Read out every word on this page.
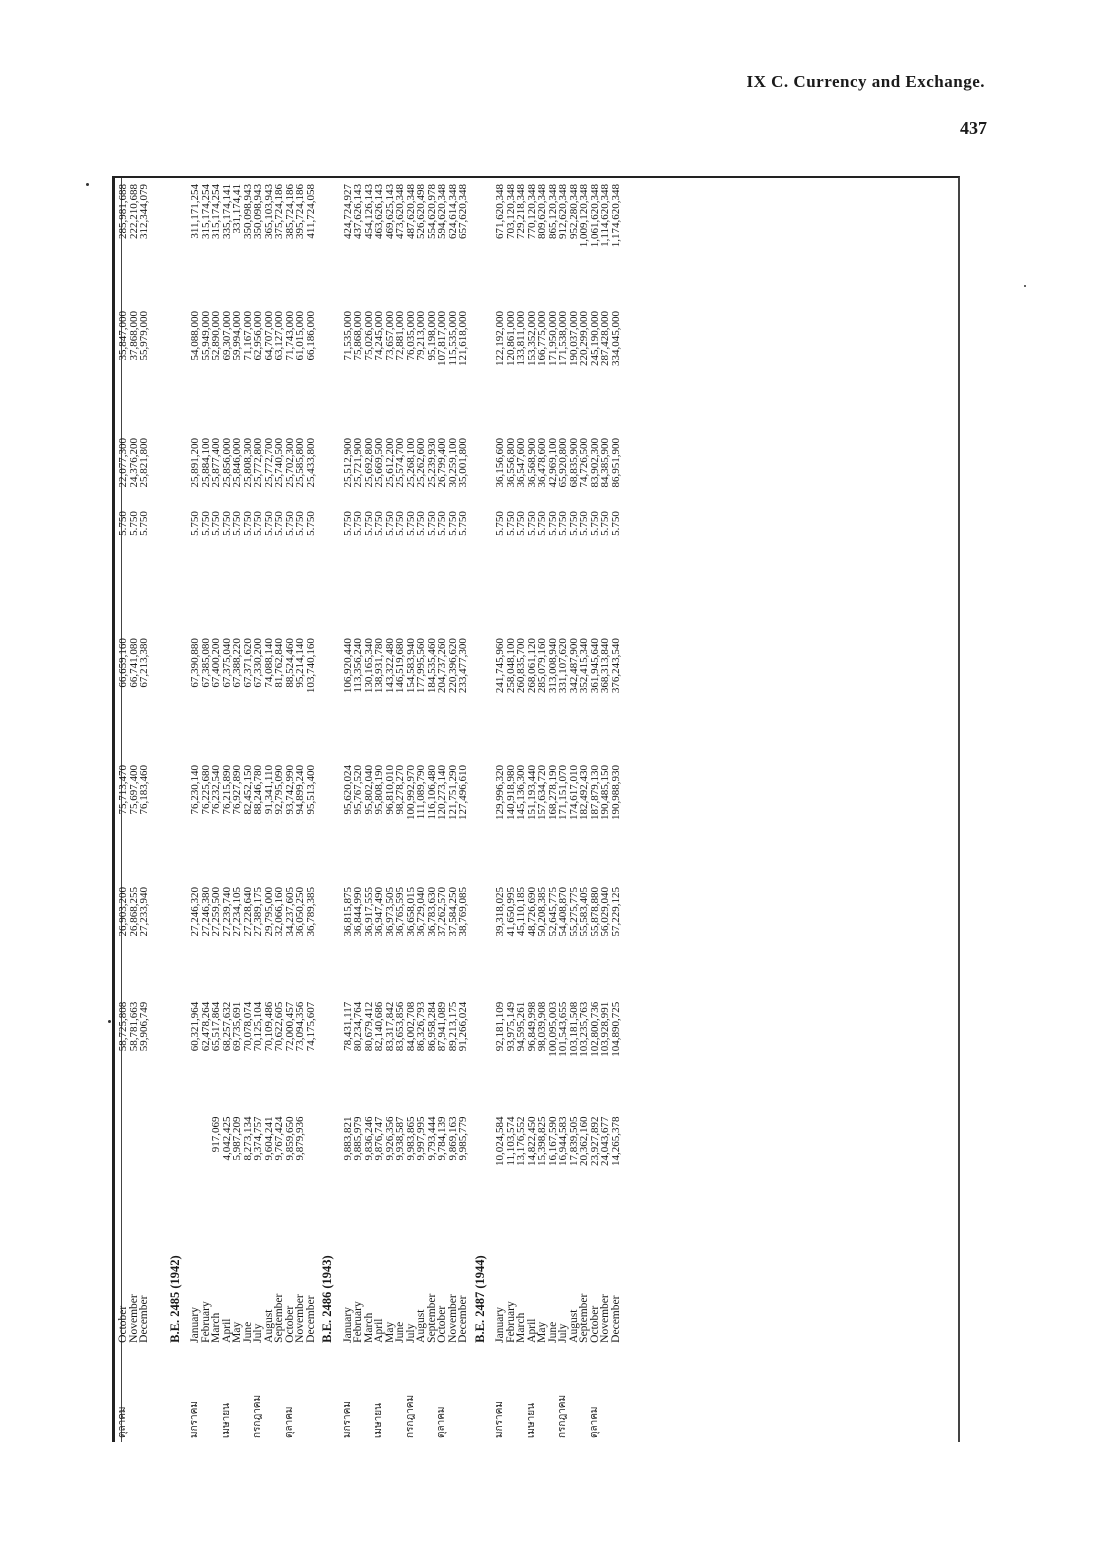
IX C. Currency and Exchange.
437
ตุลาคม	October		58,725,808	26,903,200	75,713,470	66,659,160	5.750	22,077,300	35,847,000	285,981,688
	November		58,781,663	26,868,255	75,697,400	66,741,080	5.750	24,376,200	37,868,000	222,210,688
	December		59,906,749	27,233,940	76,183,460	67,213,380	5.750	25,821,800	55,979,000	312,344,079

	B.E. 2485 (1942)									
มกราคม	January		60,321,964	27,246,320	76,230,140	67,390,880	5.750	25,891,200	54,088,000	311,171,254
	February		62,478,264	27,246,380	76,225,680	67,385,080	5.750	25,884,100	55,949,000	315,174,254
	March	917,069	65,517,864	27,259,500	76,232,540	67,400,200	5.750	25,877,400	52,890,000	315,174,254
เมษายน	April	4,042,425	68,257,632	27,239,740	76,215,890	67,375,040	5.750	25,856,000	69,307,000	335,174,141
	May	5,987,209	69,735,691	27,234,105	76,927,890	67,388,220	5.750	25,846,000	59,994,000	331,174,41
	June	8,273,134	70,078,074	27,228,640	82,452,150	67,371,620	5.750	25,808,300	71,167,000	350,098,943
กรกฎาคม	July	9,374,757	70,125,104	27,389,175	88,246,780	67,330,200	5.750	25,772,800	62,956,000	350,098,943
	August	9,604,241	70,109,486	29,795,000	91,341,110	74,088,140	5.750	25,772,700	64,707,000	365,103,943
	September	9,767,424	70,622,605	32,066,160	92,795,090	81,762,840	5.750	25,740,500	63,127,000	375,724,186
ตุลาคม	October	9,859,650	72,000,457	34,237,605	93,742,990	88,524,460	5.750	25,702,300	71,743,000	385,724,186
	November	9,879,936	73,094,356	36,050,250	94,899,240	95,214,140	5.750	25,585,800	61,015,000	395,724,186
	December		74,175,607	36,789,385	95,513,400	103,740,160	5.750	25,433,800	66,186,000	411,724,058
	B.E. 2486 (1943)									
มกราคม	January	9,883,821	78,431,117	36,815,875	95,620,024	106,920,440	5.750	25,512,900	71,535,000	424,724,927
	February	9,885,979	80,234,764	36,844,990	95,767,520	113,356,240	5.750	25,721,900	75,868,000	437,626,143
	March	9,836,246	80,679,412	36,917,555	95,802,040	130,165,340	5.750	25,692,800	75,026,000	454,126,143
เมษายน	April	9,876,747	82,140,686	36,947,490	95,808,190	138,931,780	5.750	25,669,500	74,245,000	463,626,143
	May	9,926,356	83,317,842	36,973,505	96,810,010	143,322,480	5.750	25,612,200	73,657,000	469,625,143
	June	9,938,587	83,653,856	36,765,595	98,278,270	146,519,680	5.750	25,574,700	72,881,000	473,620,348
กรกฎาคม	July	9,983,865	84,002,708	36,658,015	100,992,970	154,583,940	5.750	25,268,100	76,035,000	487,620,348
	August	9,997,995	86,326,793	36,729,040	111,089,790	177,995,560	5.750	25,262,600	79,213,000	526,620,498
	September	9,793,444	86,958,284	36,783,630	116,106,480	184,535,460	5.750	25,239,930	95,198,000	554,620,978
ตุลาคม	October	9,784,139	87,941,089	37,262,570	120,273,140	204,737,260	5.750	26,799,400	107,817,000	594,620,348
	November	9,869,163	89,213,175	37,584,250	121,751,290	220,396,620	5.750	30,259,100	115,535,000	624,614,348
	December	9,985,779	91,266,024	38,769,085	127,496,610	233,477,300	5.750	35,001,800	121,618,000	657,620,348
	B.E. 2487 (1944)									
มกราคม	January	10,024,584	92,181,109	39,318,025	129,996,320	241,745,960	5.750	36,156,600	122,192,000	671,620,348
	February	11,103,574	93,975,149	41,650,995	140,918,980	258,048,100	5.750	36,556,800	120,861,000	703,120,348
	March	13,176,552	94,595,261	45,110,185	145,136,300	260,835,700	5.750	36,547,600	133,811,000	729,218,348
เมษายน	April	14,822,450	96,849,998	48,726,690	151,193,440	268,061,120	5.750	36,568,900	153,352,000	770,120,348
	May	15,398,825	98,039,908	50,208,385	157,634,720	285,079,160	5.750	36,478,600	166,775,000	809,620,348
	June	16,167,590	100,095,003	52,645,775	168,278,190	313,008,940	5.750	42,969,100	171,950,000	865,120,348
กรกฎาคม	July	16,944,583	101,543,655	54,408,870	171,151,070	331,107,620	5.750	65,920,800	171,538,000	912,620,348
	August	17,839,505	103,181,508	55,275,775	174,617,010	342,487,900	5.750	68,835,900	190,037,000	952,280,348
	September	20,362,160	103,235,763	55,583,405	182,492,430	352,415,340	5.750	74,726,500	220,299,000	1,009,120,348
ตุลาคม	October	23,927,892	102,800,736	55,878,880	187,879,130	361,945,640	5.750	83,902,300	245,190,000	1,061,620,348
	November	24,043,677	103,928,991	56,029,040	190,485,150	368,313,840	5.750	84,385,900	287,428,000	1,114,620,348
	December	14,265,378	104,890,725	57,229,125	190,988,930	376,243,540	5.750	86,951,900	334,045,000	1,174,620,348
